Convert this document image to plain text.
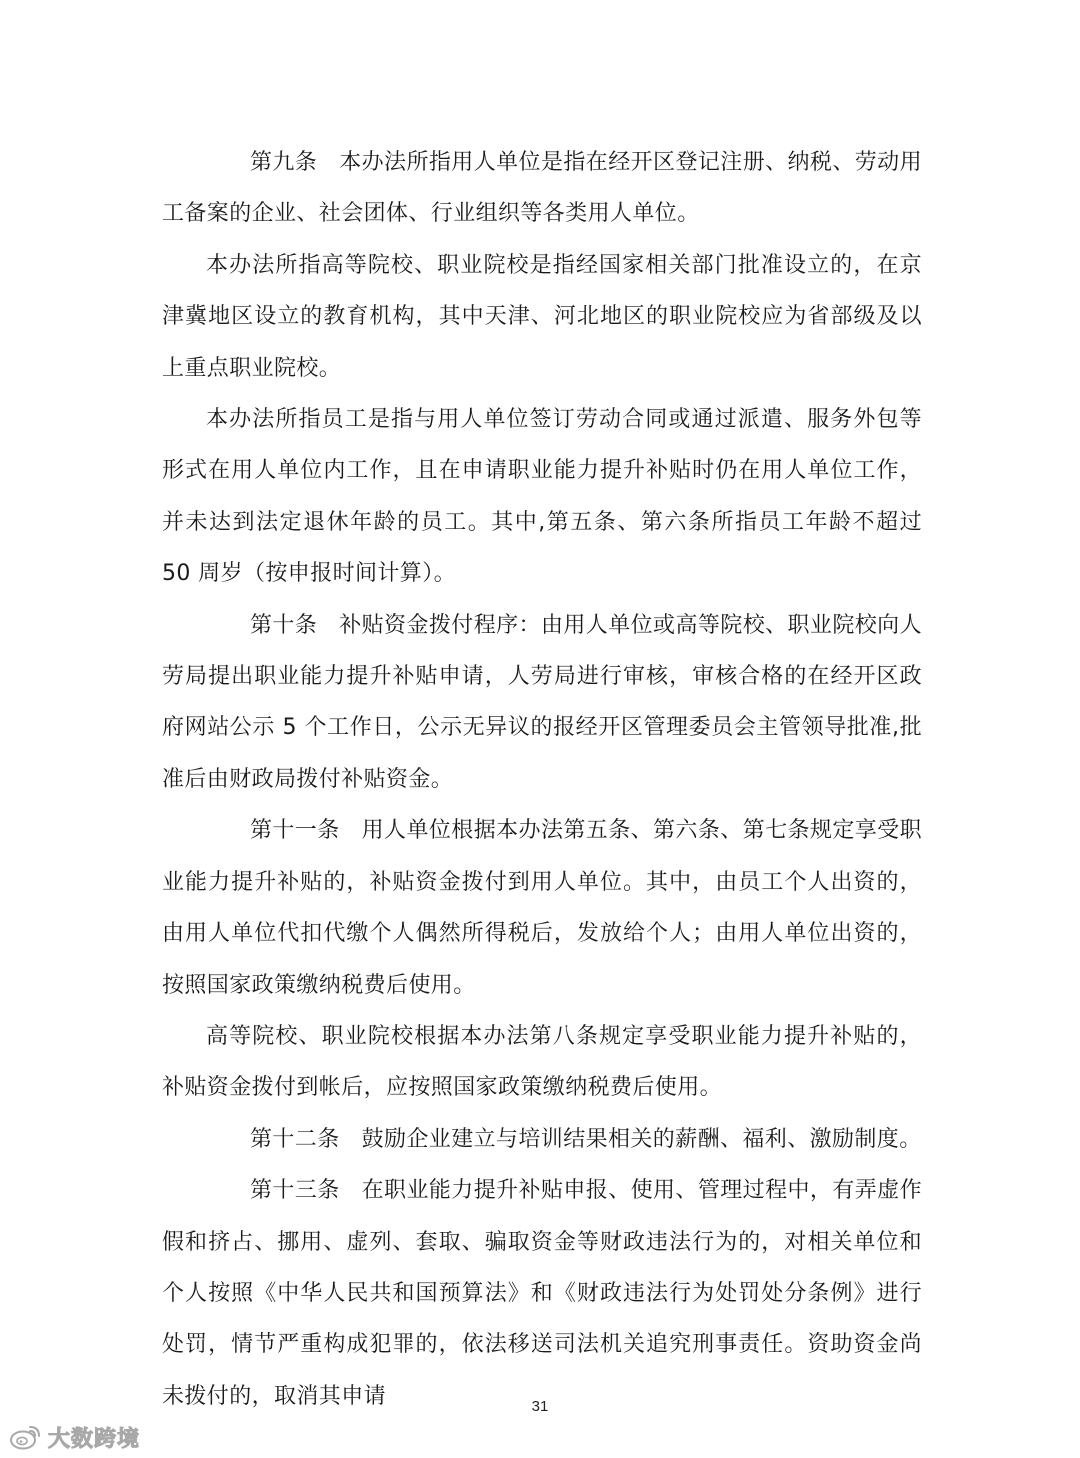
第九条 本办法所指用人单位是指在经开区登记注册、纳税、劳动用工备案的企业、社会团体、行业组织等各类用人单位。

本办法所指高等院校、职业院校是指经国家相关部门批准设立的，在京津冀地区设立的教育机构，其中天津、河北地区的职业院校应为省部级及以上重点职业院校。

本办法所指员工是指与用人单位签订劳动合同或通过派遣、服务外包等形式在用人单位内工作，且在申请职业能力提升补贴时仍在用人单位工作，并未达到法定退休年龄的员工。其中,第五条、第六条所指员工年龄不超过 50 周岁（按申报时间计算）。

第十条 补贴资金拨付程序：由用人单位或高等院校、职业院校向人劳局提出职业能力提升补贴申请，人劳局进行审核，审核合格的在经开区政府网站公示 5 个工作日，公示无异议的报经开区管理委员会主管领导批准,批准后由财政局拨付补贴资金。

第十一条 用人单位根据本办法第五条、第六条、第七条规定享受职业能力提升补贴的，补贴资金拨付到用人单位。其中，由员工个人出资的，由用人单位代扣代缴个人偶然所得税后，发放给个人；由用人单位出资的，按照国家政策缴纳税费后使用。

高等院校、职业院校根据本办法第八条规定享受职业能力提升补贴的，补贴资金拨付到帐后，应按照国家政策缴纳税费后使用。

第十二条 鼓励企业建立与培训结果相关的薪酬、福利、激励制度。

第十三条 在职业能力提升补贴申报、使用、管理过程中，有弄虚作假和挤占、挪用、虚列、套取、骗取资金等财政违法行为的，对相关单位和个人按照《中华人民共和国预算法》和《财政违法行为处罚处分条例》进行处罚，情节严重构成犯罪的，依法移送司法机关追究刑事责任。资助资金尚未拨付的，取消其申请	31
大数跨境
